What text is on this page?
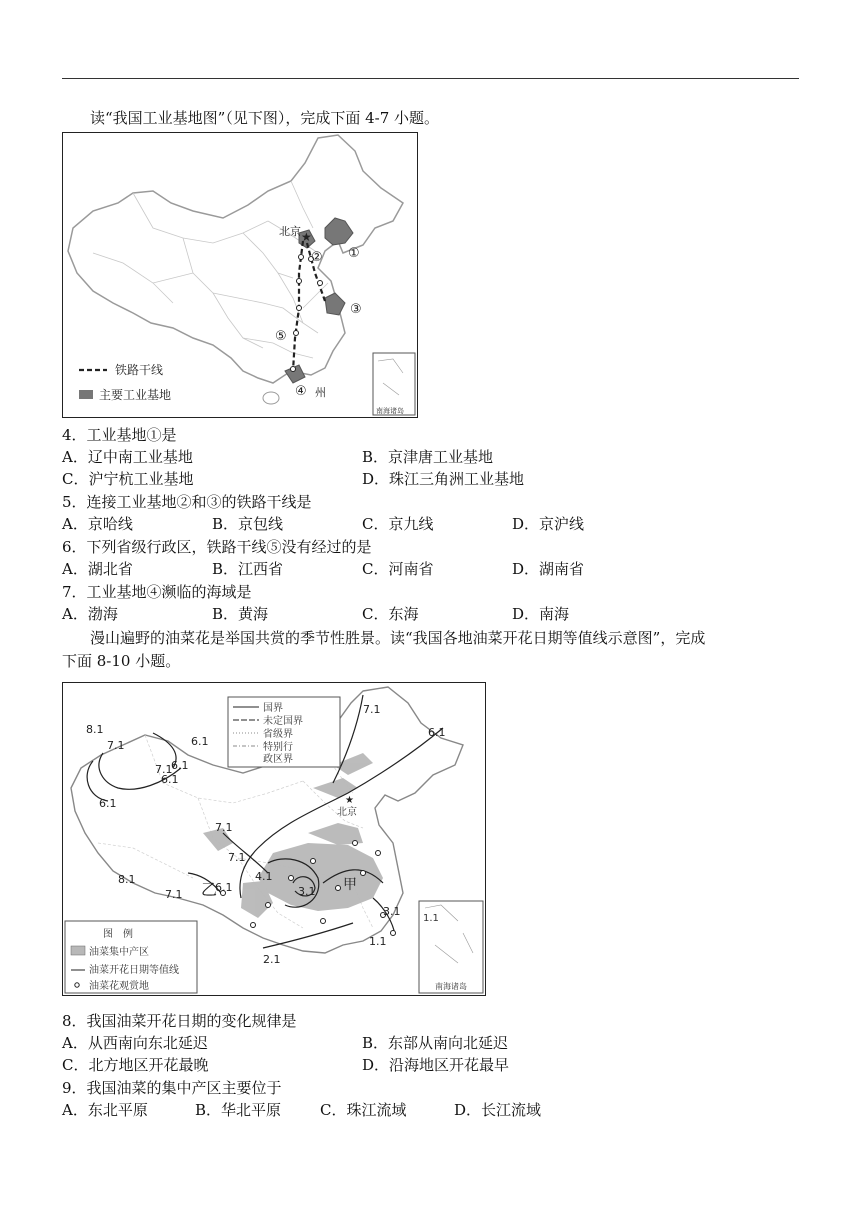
读“我国工业基地图”（见下图），完成下面 4-7 小题。
★
北京
州
①
②
③
④
⑤
南海诸岛
铁路干线
主要工业基地
4．工业基地①是
A．辽中南工业基地	B．京津唐工业基地
C．沪宁杭工业基地	D．珠江三角洲工业基地
5．连接工业基地②和③的铁路干线是
A．京哈线	B．京包线	C．京九线	D．京沪线
6．下列省级行政区，铁路干线⑤没有经过的是
A．湖北省	B．江西省	C．河南省	D．湖南省
7．工业基地④濒临的海域是
A．渤海	B．黄海	C．东海	D．南海
漫山遍野的油菜花是举国共赏的季节性胜景。读“我国各地油菜开花日期等值线示意图”，完成
下面 8-10 小题。
7.1
6.1
8.1
7.1	6.1
6.1
6.1
6.1
7.1
7.1
8.1
7.1
6.1
4.1
3.1
3.1
1.1
2.1
7.1
★
北京
乙	甲
国界
未定国界
省级界
特别行
政区界
图　例
油菜集中产区
油菜开花日期等值线
油菜花观赏地
1.1
南海诸岛
8．我国油菜开花日期的变化规律是
A．从西南向东北延迟	B．东部从南向北延迟
C．北方地区开花最晚	D．沿海地区开花最早
9．我国油菜的集中产区主要位于
A．东北平原	B．华北平原	C．珠江流域	D．长江流域
